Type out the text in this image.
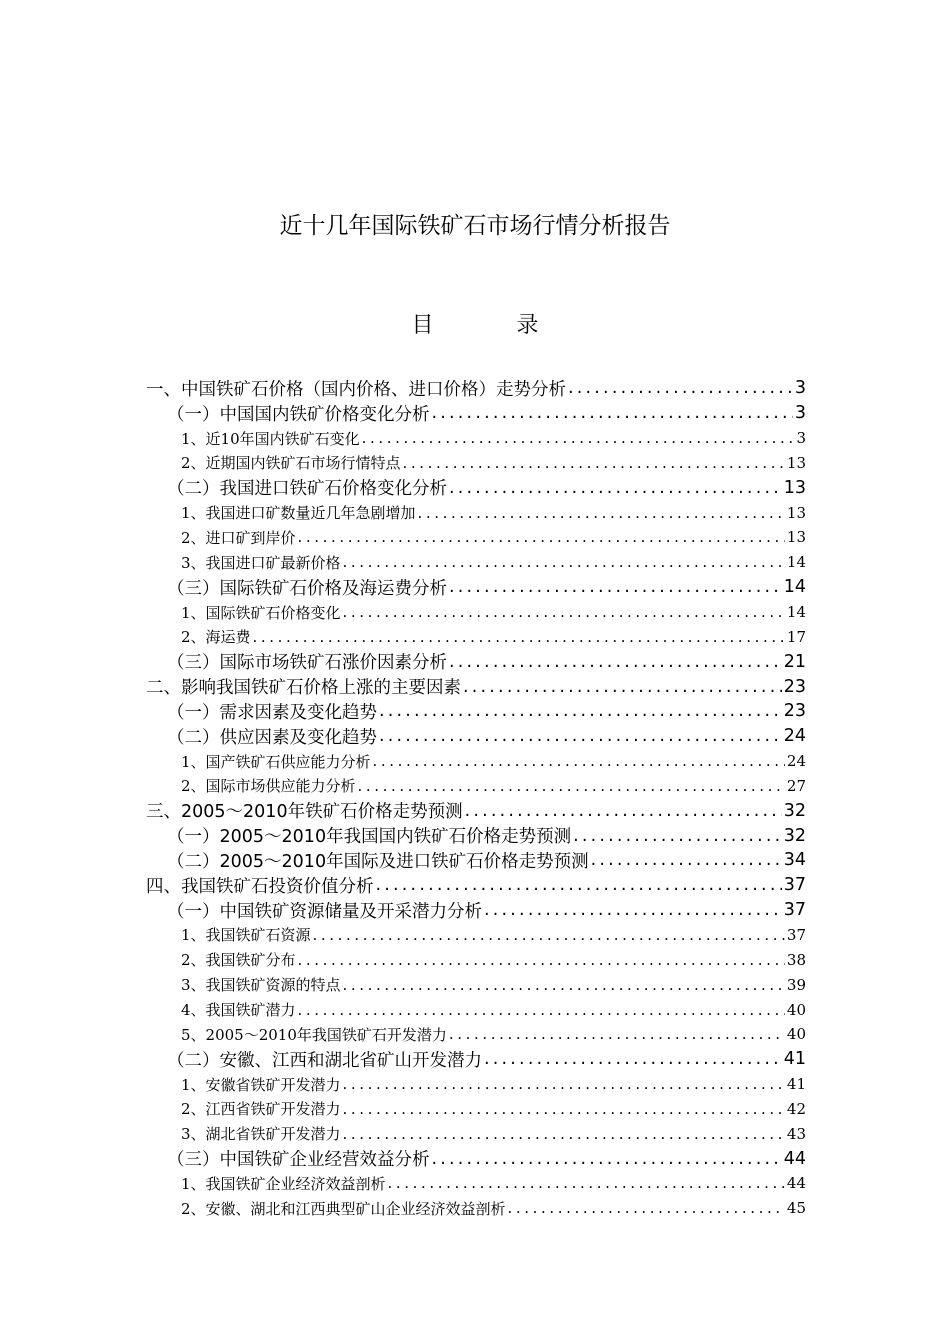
近十几年国际铁矿石市场行情分析报告
目 录
一、中国铁矿石价格（国内价格、进口价格）走势分析 .....	3
（一）中国国内铁矿价格变化分析 .....	3
1、近10年国内铁矿石变化 .....	3
2、近期国内铁矿石市场行情特点 .....	13
（二）我国进口铁矿石价格变化分析 .....	13
1、我国进口矿数量近几年急剧增加 .....	13
2、进口矿到岸价 .....	13
3、我国进口矿最新价格 .....	14
（三）国际铁矿石价格及海运费分析 .....	14
1、国际铁矿石价格变化 .....	14
2、海运费 .....	17
（三）国际市场铁矿石涨价因素分析 .....	21
二、影响我国铁矿石价格上涨的主要因素 .....	23
（一）需求因素及变化趋势 .....	23
（二）供应因素及变化趋势 .....	24
1、国产铁矿石供应能力分析 .....	24
2、国际市场供应能力分析 .....	27
三、2005～2010年铁矿石价格走势预测 .....	32
（一）2005～2010年我国国内铁矿石价格走势预测 .....	32
（二）2005～2010年国际及进口铁矿石价格走势预测 .....	34
四、我国铁矿石投资价值分析 .....	37
（一）中国铁矿资源储量及开采潜力分析 .....	37
1、我国铁矿石资源 .....	37
2、我国铁矿分布 .....	38
3、我国铁矿资源的特点 .....	39
4、我国铁矿潜力 .....	40
5、2005～2010年我国铁矿石开发潜力 .....	40
（二）安徽、江西和湖北省矿山开发潜力 .....	41
1、安徽省铁矿开发潜力 .....	41
2、江西省铁矿开发潜力 .....	42
3、湖北省铁矿开发潜力 .....	43
（三）中国铁矿企业经营效益分析 .....	44
1、我国铁矿企业经济效益剖析 .....	44
2、安徽、湖北和江西典型矿山企业经济效益剖析 .....	45
